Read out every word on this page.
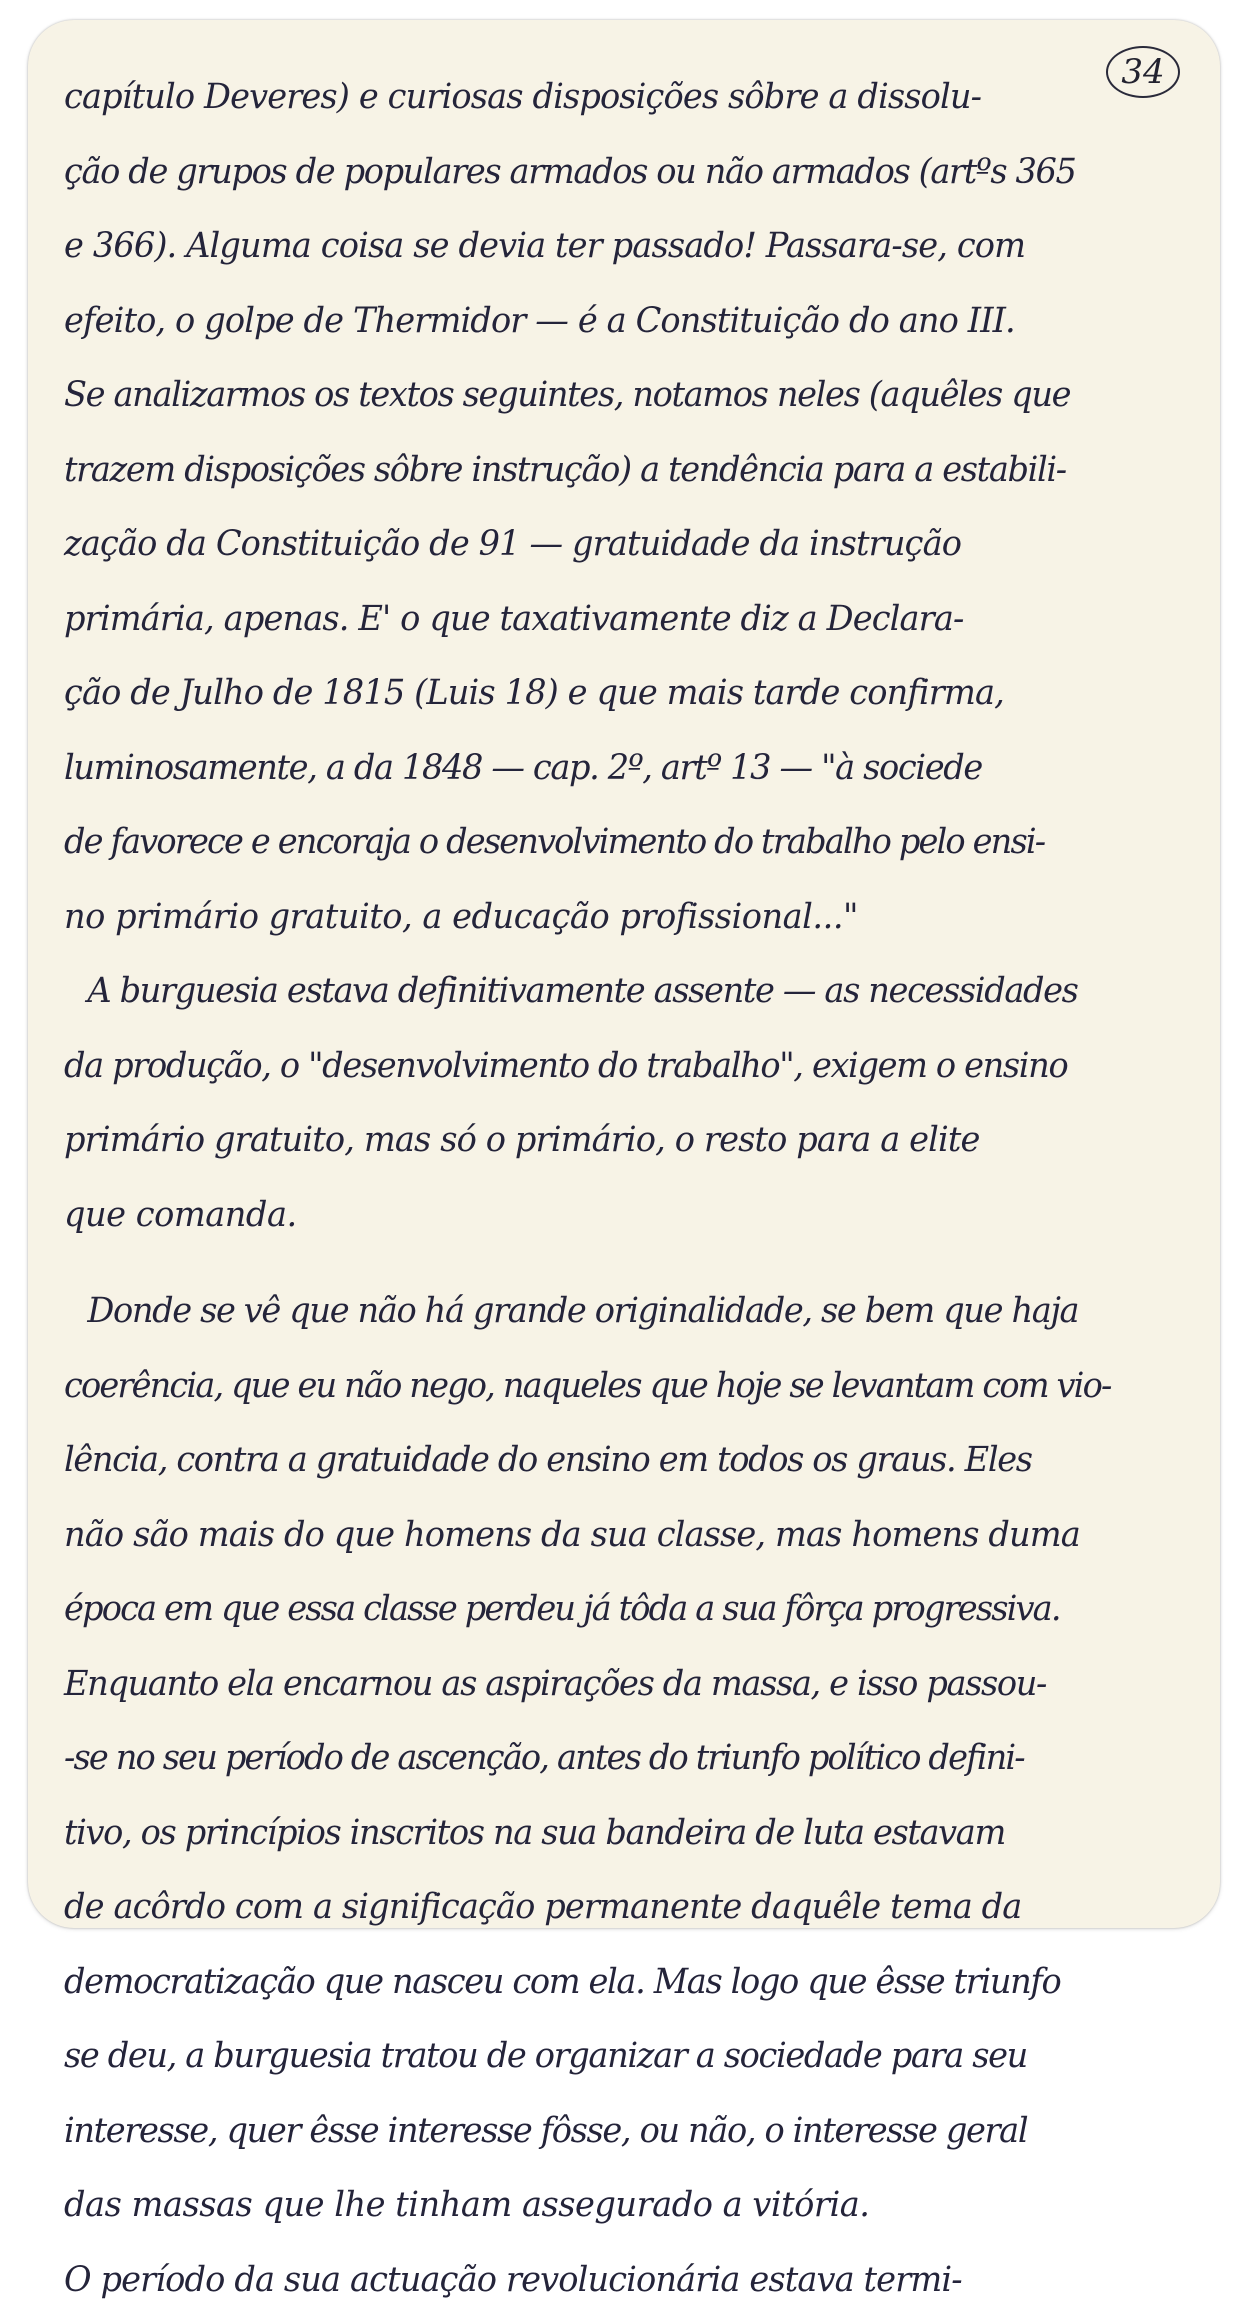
34
capítulo Deveres) e curiosas disposições sôbre a dissolu-
ção de grupos de populares armados ou não armados (artºs 365
e 366). Alguma coisa se devia ter passado! Passara-se, com
efeito, o golpe de Thermidor — é a Constituição do ano III.
Se analizarmos os textos seguintes, notamos neles (aquêles que
trazem disposições sôbre instrução) a tendência para a estabili-
zação da Constituição de 91 — gratuidade da instrução
primária, apenas. E' o que taxativamente diz a Declara-
ção de Julho de 1815 (Luis 18) e que mais tarde confirma,
luminosamente, a da 1848 — cap. 2º, artº 13 — "à sociede
de favorece e encoraja o desenvolvimento do trabalho pelo ensi-
no primário gratuito, a educação profissional..."
A burguesia estava definitivamente assente — as necessidades
da produção, o "desenvolvimento do trabalho", exigem o ensino
primário gratuito, mas só o primário, o resto para a elite
que comanda.
Donde se vê que não há grande originalidade, se bem que haja
coerência, que eu não nego, naqueles que hoje se levantam com vio-
lência, contra a gratuidade do ensino em todos os graus. Eles
não são mais do que homens da sua classe, mas homens duma
época em que essa classe perdeu já tôda a sua fôrça progressiva.
Enquanto ela encarnou as aspirações da massa, e isso passou-
-se no seu período de ascenção, antes do triunfo político defini-
tivo, os princípios inscritos na sua bandeira de luta estavam
de acôrdo com a significação permanente daquêle tema da
democratização que nasceu com ela. Mas logo que êsse triunfo
se deu, a burguesia tratou de organizar a sociedade para seu
interesse, quer êsse interesse fôsse, ou não, o interesse geral
das massas que lhe tinham assegurado a vitória.
O período da sua actuação revolucionária estava termi-
